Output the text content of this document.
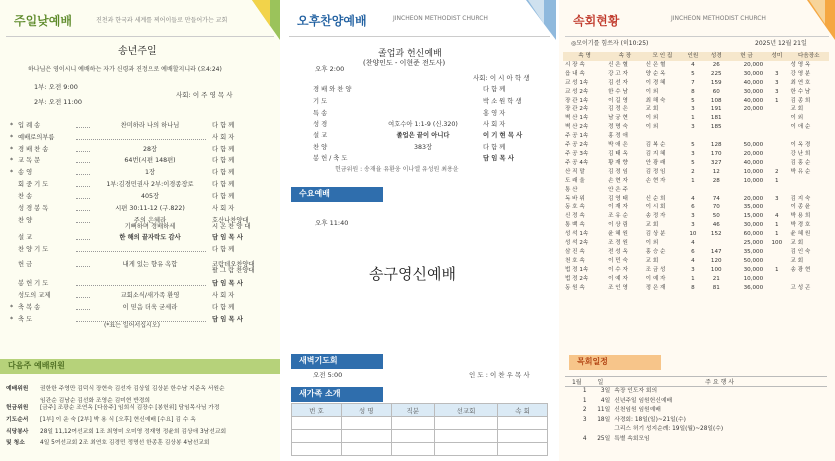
주일낮예배	진천과 한국과 세계를 찌어이들로 만들어가는 교회
송년주일
하나님은 영이시니 예배하는 자가 신령과 진정으로 예배할지니라 (요4:24)
1부: 오전 9:00
2부: 오전 11:00
사회: 이 주 영 목 사
* 입 례 송	찬미하라 나의 하나님	다 함 께
* 예배로의부름	사 회 자
* 경 배 찬 송	28장	다 함 께
* 교 독 문	64번(시편 148편)	다 함 께
* 송 영	1장	다 함 께
회 중 기 도	1부:김경민권사 2부:이경종장로	다 함 께
찬 송	405장	다 함 께
성 경 봉 독	시편 30:11-12 (구.822)	사 회 자
찬 양	주의 은혜라
기뻐하며 경배하세
호산나찬양대
시 온 찬 양 대
설 교	한 해의 끝자락도 감사	담 임 목 사
찬 양 기 도	다 함 께
헌 금	내게 있는 향유 옥합	코람데오찬양대
팔 그 람 찬양대
봉 헌 기 도	담 임 목 사
성도의 교제	교회소식/새가족 환영	사 회 자
* 축 복 송	이 믿음 더욱 굳세라	다 함 께
* 축 도	담 임 목 사
(*표는 일어서십시오)
다음주 예배위원
예배위원 권한한 주영만 김덕식 장현숙 김선자 김상일 김상분 한수남 지준옥 서원순
임관순 김남순 김선화 조영순 김미현 반경희
헌금위원 [금주] 조광순 조연옥 [다음주] 임희식 김장수 [봉헌위] 담임목사님 가정
기도순서 [1부] 이 운 숙 [2부] 박 용 식 [오후] 현신예배 [수요] 김 수 옥
식당봉사 28일 11,12여선교회 1조 최영미 오미영 정재영 정윤희 김상애 3남선교회
및 청소	4일 5여선교회 2조 최연호 김경민 정명선 한종훈 김상봉 4남선교회
오후찬양예배	JINCHEON METHODIST CHURCH
졸업과 헌신예배
(찬양인도 - 이현준 전도사)
오후 2:00
사회: 이 시 아 학 생
경 배 와 찬 양	다 함 께
기 도	박 소 원 학 생
특 송	홍 영 자
성 경	여호수아 1:1-9 (신.320)	사 회 자
설 교	졸업은 끝이 아니다	이 기 현 목 사
찬 양	383장	다 함 께
봉 헌 / 축 도	담 임 목 사
헌금위원 : 송재율 유환웅 이나엘 유성원 최용윤
수요예배
오후 11:40
송구영신예배
새벽기도회
오전 5:00	인 도 : 이 찬 우 목 사
새가족 소개
번 호	성 명	직분	선교회	속 회

속회현황	JINCHEON METHODIST CHURCH
◎모이기를 힘쓰자 (히10:25)	2025년 12월 21일
속 명	속 장	모 인 집	인원	성경	헌 금	성미	다음장소
시 장 속	신 은 혈	신 은 혈	4	26	20,000		성 영 옥
읍 내 속	강 고 자	양 순 옥	5	225	30,000	3	강 영 분
교 성 1속	김 선 자	이 경 혜	7	159	40,000	3	최 연 호
교 성 2속	한 수 남	이 외	8	60	30,000	3	한 수 남
장 관 1속	이 길 영	최 해 숙	5	108	40,000	1	김 종 희
장 관 2속	김 정 은	교 회	3	191	20,000		교 회
벽 산 1속	남 궁 현	이 외	1	181			이 외
벽 산 2속	정 명 숙	이 외	3	185			이 애 순
주 공 1속	홍 정 애						
주 공 2속	박 애 은	김 복 순	5	128	50,000		이 옥 경
주 공 3속	김 태 옥	김 지 혜	3	170	20,000		강 난 희
주 공 4속	황 재 향	안 광 래	5	327	40,000		김 홍 순
산 직 말	김 정 임	김 정 임	2	12	10,000	2	박 유 순
도 래 울	손 현 자	손 현 자	1	28	10,000	1	
통 산	안 은 주						
독 바 위	김 영 태	신 순 희	4	74	20,000	3	김 지 숙
동 호 속	이 재 자	이 시 회	6	70	35,000		이 종 윤
신 정 속	조 유 순	송 정 자	3	50	15,000	4	박 용 희
통 백 속	이 상 림	교 회	3	46	30,000	1	박 경 호
성 석 1속	윤 혜 원	김 상 분	10	152	60,000	1	윤 혜 원
성 석 2속	조 정 원	이 외	4		25,000	100	교 회
삼 진 속	전 성 옥	홍 승 순	6	147	35,000		김 인 숙
천 호 속	이 민 숙	교 회	4	120	50,000		교 회
법 정 1속	이 수 자	조 금 성	3	100	30,000	1	송 광 현
법 정 2속	이 예 자	이 예 자	1	21	10,000		
동 원 속	조 인 영	정 은 재	8	81	36,000		고 성 곤
목회일정
1월	일	주 요 행 사
1	3일	속장 인도자 회의
1	4일	신년주일 임원헌신예배
2	11일	신천임원 임원예배
3	18일	사경회: 18일(일)~21일(수)
		그리스 허기 성지순례: 19일(월)~28일(수)
4	25일	특별 속회모임
